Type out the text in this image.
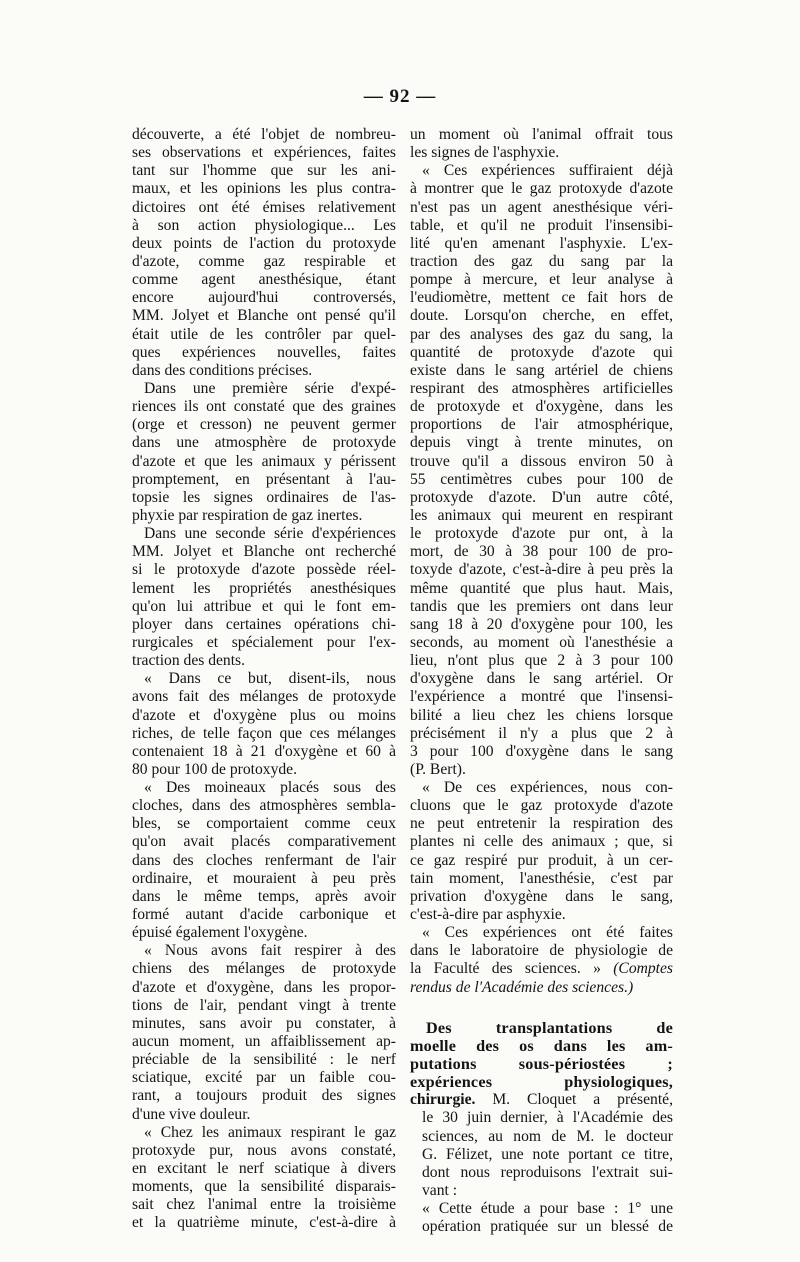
— 92 —
découverte, a été l'objet de nombreu-
ses observations et expériences, faites
tant sur l'homme que sur les ani-
maux, et les opinions les plus contra-
dictoires ont été émises relativement
à son action physiologique... Les
deux points de l'action du protoxyde
d'azote, comme gaz respirable et
comme agent anesthésique, étant
encore aujourd'hui controversés,
MM. Jolyet et Blanche ont pensé qu'il
était utile de les contrôler par quel-
ques expériences nouvelles, faites
dans des conditions précises.
Dans une première série d'expé-
riences ils ont constaté que des graines
(orge et cresson) ne peuvent germer
dans une atmosphère de protoxyde
d'azote et que les animaux y périssent
promptement, en présentant à l'au-
topsie les signes ordinaires de l'as-
phyxie par respiration de gaz inertes.
Dans une seconde série d'expériences
MM. Jolyet et Blanche ont recherché
si le protoxyde d'azote possède réel-
lement les propriétés anesthésiques
qu'on lui attribue et qui le font em-
ployer dans certaines opérations chi-
rurgicales et spécialement pour l'ex-
traction des dents.
« Dans ce but, disent-ils, nous
avons fait des mélanges de protoxyde
d'azote et d'oxygène plus ou moins
riches, de telle façon que ces mélanges
contenaient 18 à 21 d'oxygène et 60 à
80 pour 100 de protoxyde.
« Des moineaux placés sous des
cloches, dans des atmosphères sembla-
bles, se comportaient comme ceux
qu'on avait placés comparativement
dans des cloches renfermant de l'air
ordinaire, et mouraient à peu près
dans le même temps, après avoir
formé autant d'acide carbonique et
épuisé également l'oxygène.
« Nous avons fait respirer à des
chiens des mélanges de protoxyde
d'azote et d'oxygène, dans les propor-
tions de l'air, pendant vingt à trente
minutes, sans avoir pu constater, à
aucun moment, un affaiblissement ap-
préciable de la sensibilité : le nerf
sciatique, excité par un faible cou-
rant, a toujours produit des signes
d'une vive douleur.
« Chez les animaux respirant le gaz
protoxyde pur, nous avons constaté,
en excitant le nerf sciatique à divers
moments, que la sensibilité disparais-
sait chez l'animal entre la troisième
et la quatrième minute, c'est-à-dire à
un moment où l'animal offrait tous
les signes de l'asphyxie.
« Ces expériences suffiraient déjà
à montrer que le gaz protoxyde d'azote
n'est pas un agent anesthésique véri-
table, et qu'il ne produit l'insensibi-
lité qu'en amenant l'asphyxie. L'ex-
traction des gaz du sang par la
pompe à mercure, et leur analyse à
l'eudiomètre, mettent ce fait hors de
doute. Lorsqu'on cherche, en effet,
par des analyses des gaz du sang, la
quantité de protoxyde d'azote qui
existe dans le sang artériel de chiens
respirant des atmosphères artificielles
de protoxyde et d'oxygène, dans les
proportions de l'air atmosphérique,
depuis vingt à trente minutes, on
trouve qu'il a dissous environ 50 à
55 centimètres cubes pour 100 de
protoxyde d'azote. D'un autre côté,
les animaux qui meurent en respirant
le protoxyde d'azote pur ont, à la
mort, de 30 à 38 pour 100 de pro-
toxyde d'azote, c'est-à-dire à peu près la
même quantité que plus haut. Mais,
tandis que les premiers ont dans leur
sang 18 à 20 d'oxygène pour 100, les
seconds, au moment où l'anesthésie a
lieu, n'ont plus que 2 à 3 pour 100
d'oxygène dans le sang artériel. Or
l'expérience a montré que l'insensi-
bilité a lieu chez les chiens lorsque
précisément il n'y a plus que 2 à
3 pour 100 d'oxygène dans le sang
(P. Bert).
« De ces expériences, nous con-
cluons que le gaz protoxyde d'azote
ne peut entretenir la respiration des
plantes ni celle des animaux ; que, si
ce gaz respiré pur produit, à un cer-
tain moment, l'anesthésie, c'est par
privation d'oxygène dans le sang,
c'est-à-dire par asphyxie.
« Ces expériences ont été faites
dans le laboratoire de physiologie de
la Faculté des sciences. » (Comptes
rendus de l'Académie des sciences.)
Des transplantations de
moelle des os dans les am-
putations sous-périostées ;
expériences physiologiques,
chirurgie. M. Cloquet a présenté,
le 30 juin dernier, à l'Académie des
sciences, au nom de M. le docteur
G. Félizet, une note portant ce titre,
dont nous reproduisons l'extrait sui-
vant :
« Cette étude a pour base : 1° une
opération pratiquée sur un blessé de
